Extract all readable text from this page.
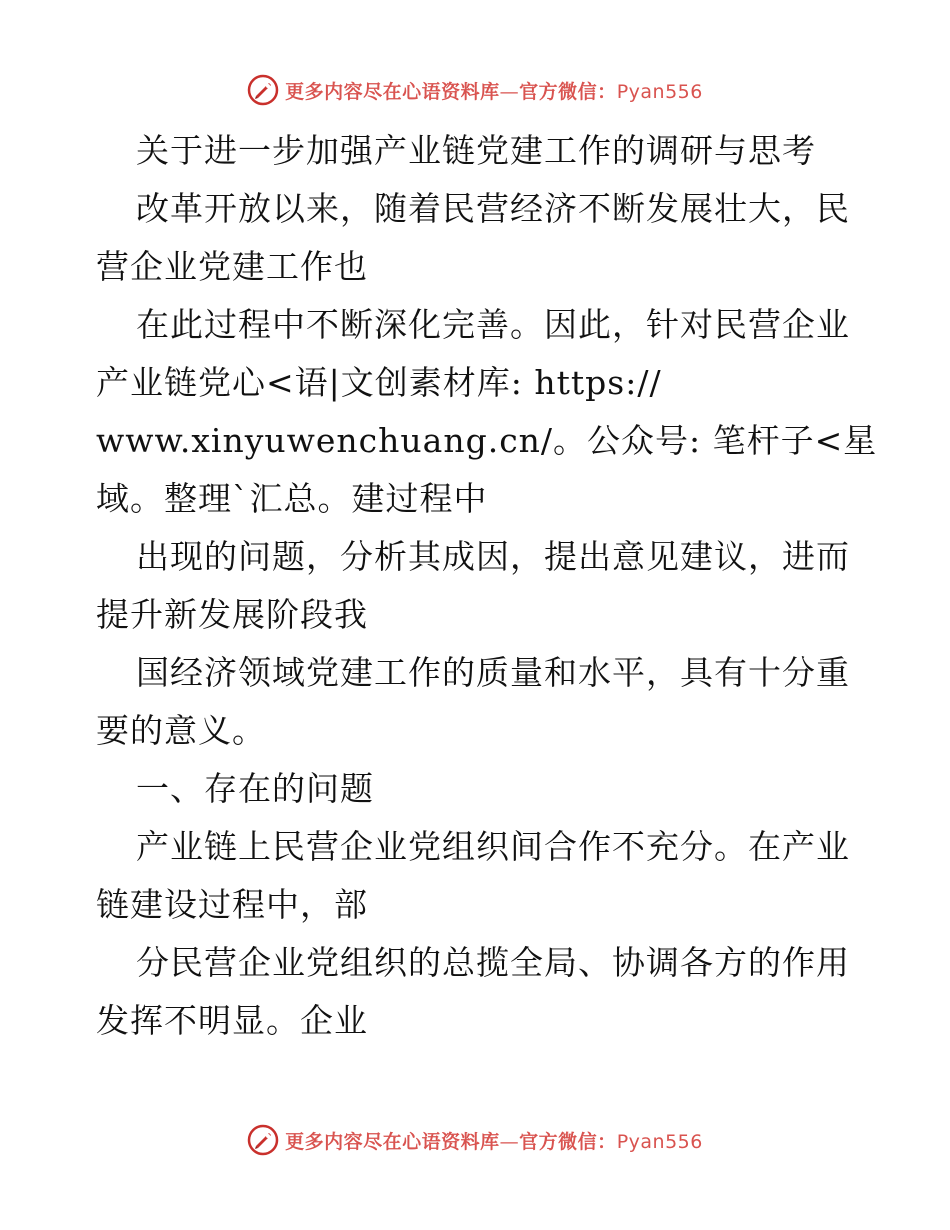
更多内容尽在心语资料库—官方微信：Pyan556
关于进一步加强产业链党建工作的调研与思考
改革开放以来，随着民营经济不断发展壮大，民
营企业党建工作也
在此过程中不断深化完善。因此，针对民营企业
产业链党心<语|文创素材库: https://
www.xinyuwenchuang.cn/。公众号: 笔杆子<星
域。整理`汇总。建过程中
出现的问题，分析其成因，提出意见建议，进而
提升新发展阶段我
国经济领域党建工作的质量和水平，具有十分重
要的意义。
一、存在的问题
产业链上民营企业党组织间合作不充分。在产业
链建设过程中，部
分民营企业党组织的总揽全局、协调各方的作用
发挥不明显。企业
更多内容尽在心语资料库—官方微信：Pyan556
